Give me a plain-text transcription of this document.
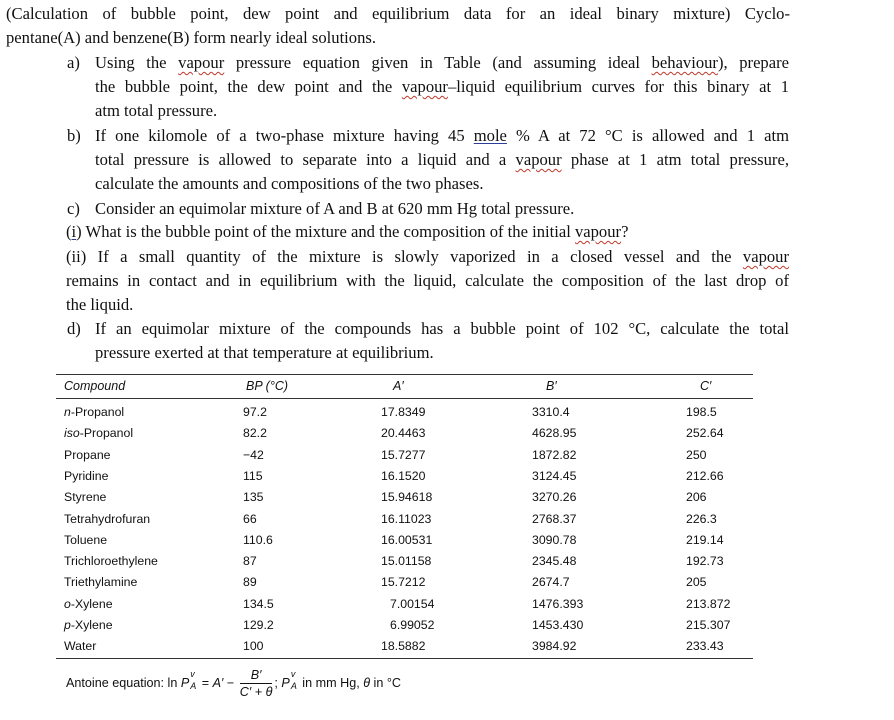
(Calculation of bubble point, dew point and equilibrium data for an ideal binary mixture) Cyclo-
pentane(A) and benzene(B) form nearly ideal solutions.
a) Using the vapour pressure equation given in Table (and assuming ideal behaviour), prepare
the bubble point, the dew point and the vapour–liquid equilibrium curves for this binary at 1
atm total pressure.
b) If one kilomole of a two-phase mixture having 45 mole % A at 72 °C is allowed and 1 atm
total pressure is allowed to separate into a liquid and a vapour phase at 1 atm total pressure,
calculate the amounts and compositions of the two phases.
c) Consider an equimolar mixture of A and B at 620 mm Hg total pressure.
(i) What is the bubble point of the mixture and the composition of the initial vapour?
(ii) If a small quantity of the mixture is slowly vaporized in a closed vessel and the vapour
remains in contact and in equilibrium with the liquid, calculate the composition of the last drop of
the liquid.
d) If an equimolar mixture of the compounds has a bubble point of 102 °C, calculate the total
pressure exerted at that temperature at equilibrium.
Compound	BP (°C)	A′	B′	C′
n-Propanol	97.2	17.8349	3310.4	198.5
iso-Propanol	82.2	20.4463	4628.95	252.64
Propane	−42	15.7277	1872.82	250
Pyridine	115	16.1520	3124.45	212.66
Styrene	135	15.94618	3270.26	206
Tetrahydrofuran	66	16.11023	2768.37	226.3
Toluene	110.6	16.00531	3090.78	219.14
Trichloroethylene	87	15.01158	2345.48	192.73
Triethylamine	89	15.7212	2674.7	205
o-Xylene	134.5	7.00154	1476.393	213.872
p-Xylene	129.2	6.99052	1453.430	215.307
Water	100	18.5882	3984.92	233.43
Antoine equation: ln P
v
$A = A' - \frac{B'}{C' + \theta}$ ; P
v
A in mm Hg, θ in °C
